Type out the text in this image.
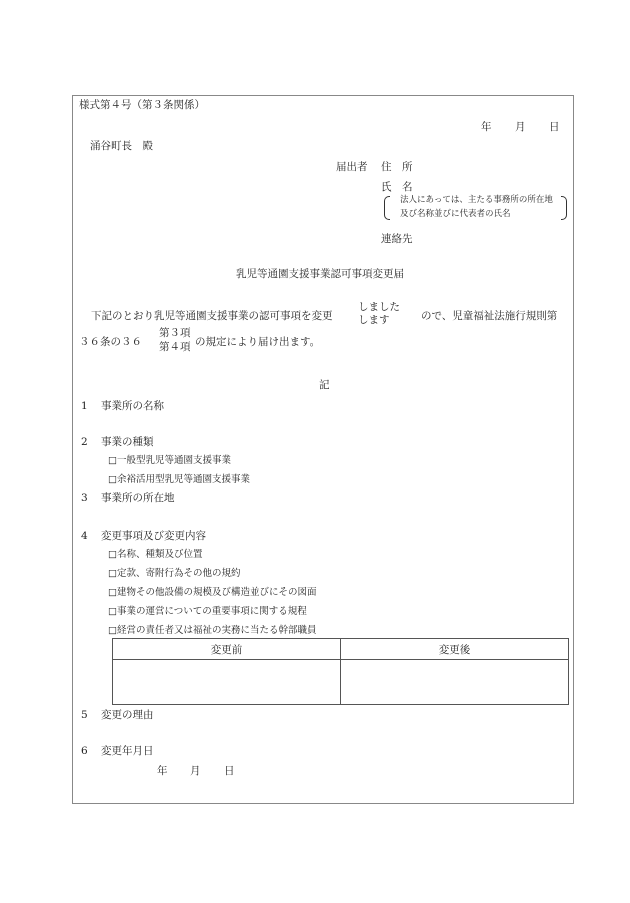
様式第４号（第３条関係）
年 月 日
涌谷町長　殿
届出者 住　所
氏　名
法人にあっては、主たる事務所の所在地
及び名称並びに代表者の氏名
連絡先
乳児等通園支援事業認可事項変更届
下記のとおり乳児等通園支援事業の認可事項を変更
しました
します	ので、児童福祉法施行規則第
３６条の３６
第３項
第４項 の規定により届け出ます。
記
1 事業所の名称
2 事業の種類
□一般型乳児等通園支援事業
□余裕活用型乳児等通園支援事業
3 事業所の所在地
4 変更事項及び変更内容
□名称、種類及び位置
□定款、寄附行為その他の規約
□建物その他設備の規模及び構造並びにその図面
□事業の運営についての重要事項に関する規程
□経営の責任者又は福祉の実務に当たる幹部職員
変更前	変更後

5 変更の理由
6 変更年月日
年 月 日
